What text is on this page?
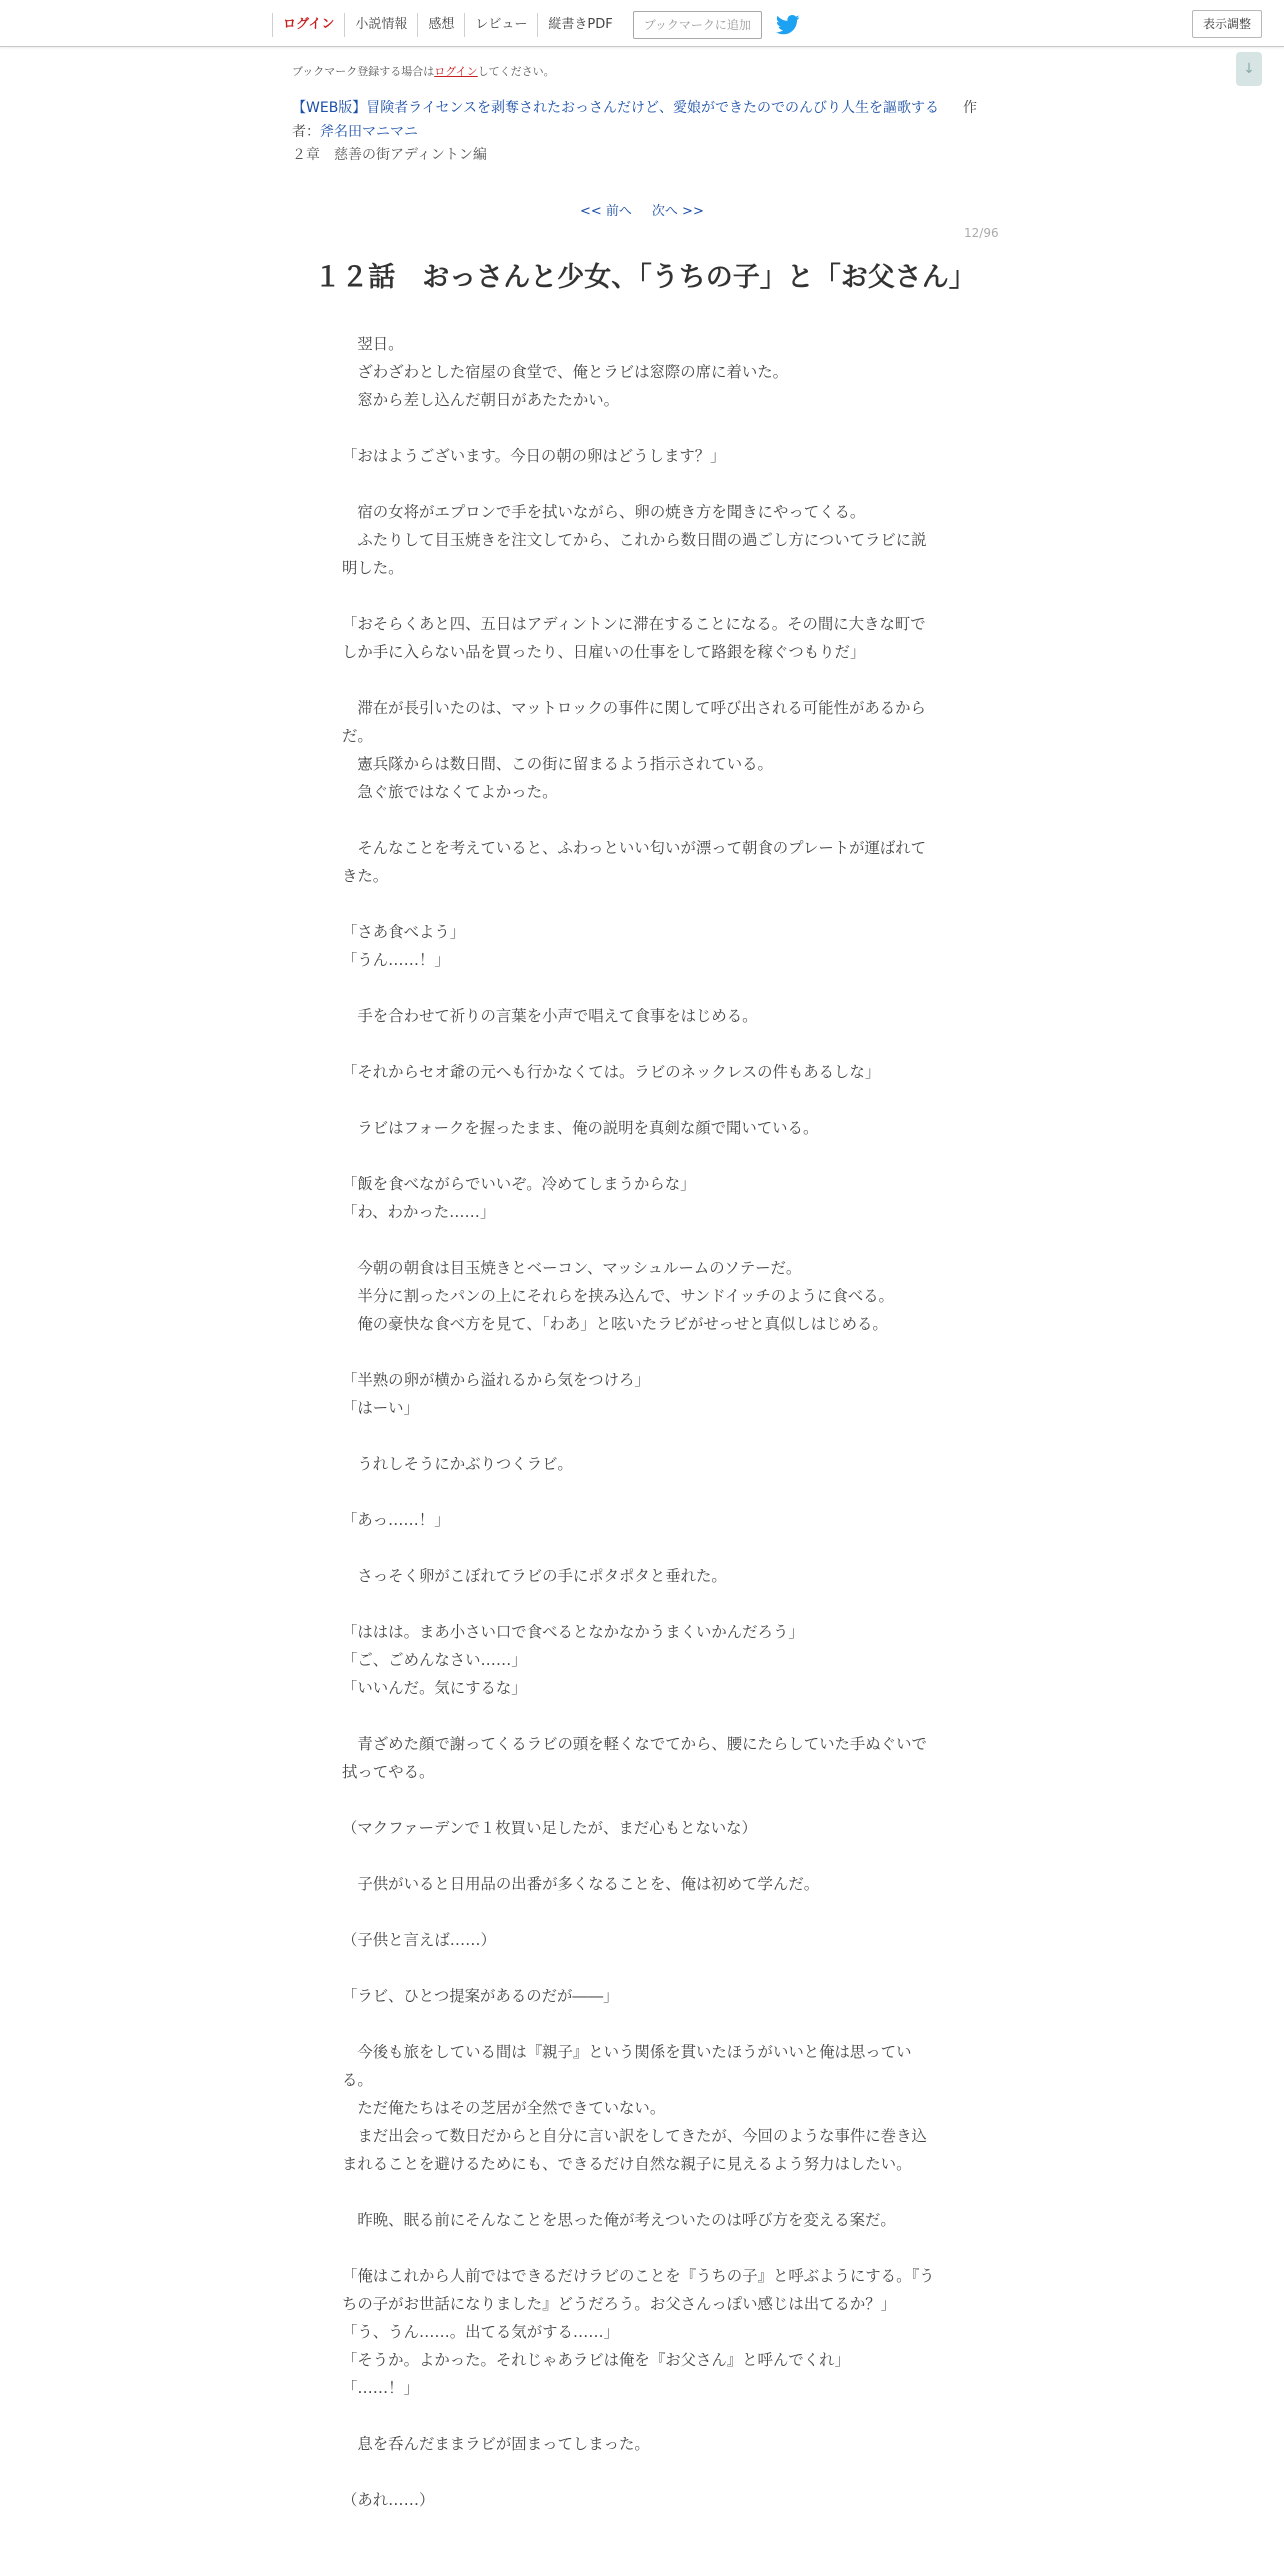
ログイン	小説情報	感想	レビュー	縦書きPDF	ブックマークに追加	表示調整
↓
ブックマーク登録する場合はログインしてください。
【WEB版】冒険者ライセンスを剥奪されたおっさんだけど、愛娘ができたのでのんびり人生を謳歌する 作者：斧名田マニマニ
２章　慈善の街アディントン編
<< 前へ 次へ >>
12/96
１２話　おっさんと少女、「うちの子」と「お父さん」

　翌日。

　ざわざわとした宿屋の食堂で、俺とラビは窓際の席に着いた。

　窓から差し込んだ朝日があたたかい。

「おはようございます。今日の朝の卵はどうします？」

　宿の女将がエプロンで手を拭いながら、卵の焼き方を聞きにやってくる。

　ふたりして目玉焼きを注文してから、これから数日間の過ごし方についてラビに説明した。

「おそらくあと四、五日はアディントンに滞在することになる。その間に大きな町でしか手に入らない品を買ったり、日雇いの仕事をして路銀を稼ぐつもりだ」

　滞在が長引いたのは、マットロックの事件に関して呼び出される可能性があるからだ。

　憲兵隊からは数日間、この街に留まるよう指示されている。

　急ぐ旅ではなくてよかった。

　そんなことを考えていると、ふわっといい匂いが漂って朝食のプレートが運ばれてきた。

「さあ食べよう」

「うん……！」

　手を合わせて祈りの言葉を小声で唱えて食事をはじめる。

「それからセオ爺の元へも行かなくては。ラビのネックレスの件もあるしな」

　ラビはフォークを握ったまま、俺の説明を真剣な顔で聞いている。

「飯を食べながらでいいぞ。冷めてしまうからな」

「わ、わかった……」

　今朝の朝食は目玉焼きとベーコン、マッシュルームのソテーだ。

　半分に割ったパンの上にそれらを挟み込んで、サンドイッチのように食べる。

　俺の豪快な食べ方を見て、「わあ」と呟いたラビがせっせと真似しはじめる。

「半熟の卵が横から溢れるから気をつけろ」

「はーい」

　うれしそうにかぶりつくラビ。

「あっ……！」

　さっそく卵がこぼれてラビの手にポタポタと垂れた。

「ははは。まあ小さい口で食べるとなかなかうまくいかんだろう」

「ご、ごめんなさい……」

「いいんだ。気にするな」

　青ざめた顔で謝ってくるラビの頭を軽くなでてから、腰にたらしていた手ぬぐいで拭ってやる。

（マクファーデンで１枚買い足したが、まだ心もとないな）

　子供がいると日用品の出番が多くなることを、俺は初めて学んだ。

（子供と言えば……）

「ラビ、ひとつ提案があるのだが――」

　今後も旅をしている間は『親子』という関係を貫いたほうがいいと俺は思っている。

　ただ俺たちはその芝居が全然できていない。

　まだ出会って数日だからと自分に言い訳をしてきたが、今回のような事件に巻き込まれることを避けるためにも、できるだけ自然な親子に見えるよう努力はしたい。

　昨晩、眠る前にそんなことを思った俺が考えついたのは呼び方を変える案だ。

「俺はこれから人前ではできるだけラビのことを『うちの子』と呼ぶようにする。『うちの子がお世話になりました』どうだろう。お父さんっぽい感じは出てるか？」

「う、うん……。出てる気がする……」

「そうか。よかった。それじゃあラビは俺を『お父さん』と呼んでくれ」

「……！」

　息を呑んだままラビが固まってしまった。

（あれ……）
